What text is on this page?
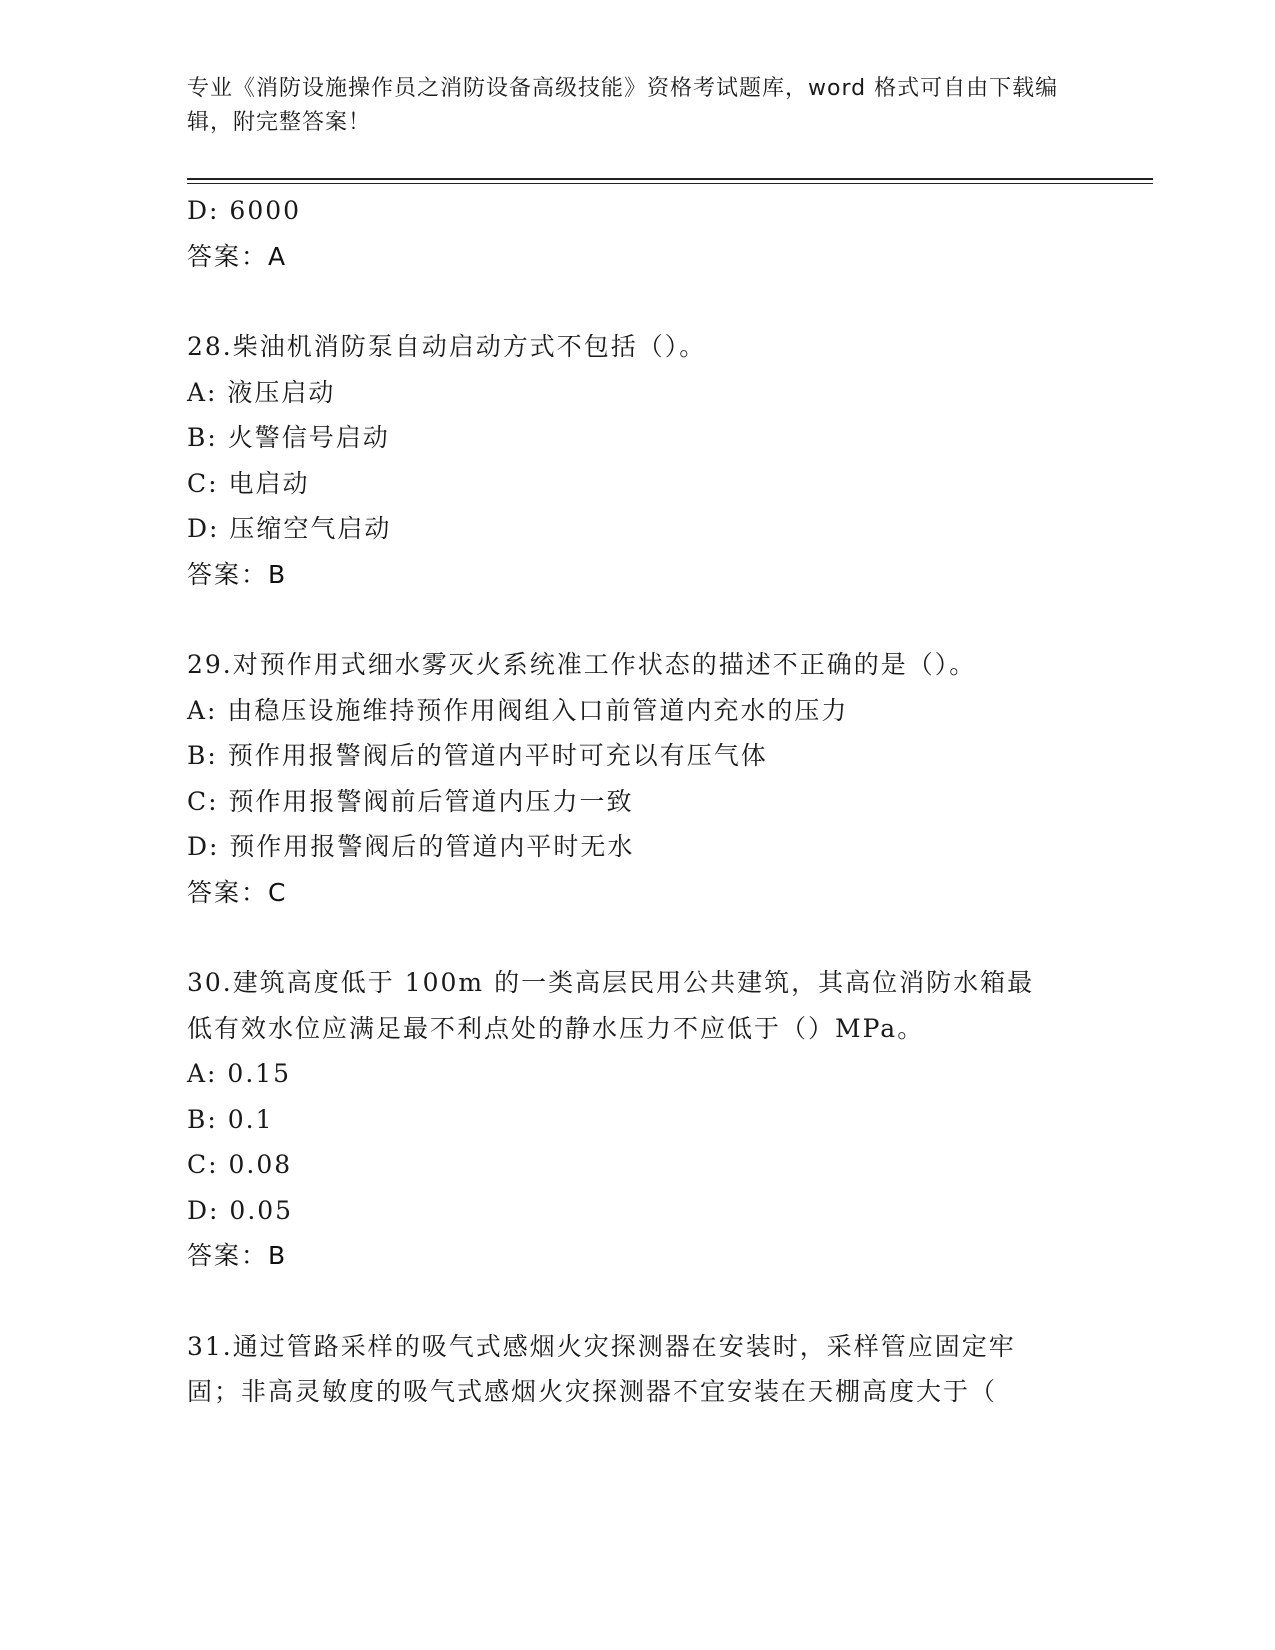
专业《消防设施操作员之消防设备高级技能》资格考试题库，word 格式可自由下载编辑，附完整答案！
D: 6000
答案：A
28.柴油机消防泵自动启动方式不包括（）。
A: 液压启动
B: 火警信号启动
C: 电启动
D: 压缩空气启动
答案：B
29.对预作用式细水雾灭火系统准工作状态的描述不正确的是（）。
A: 由稳压设施维持预作用阀组入口前管道内充水的压力
B: 预作用报警阀后的管道内平时可充以有压气体
C: 预作用报警阀前后管道内压力一致
D: 预作用报警阀后的管道内平时无水
答案：C
30.建筑高度低于 100m 的一类高层民用公共建筑，其高位消防水箱最
低有效水位应满足最不利点处的静水压力不应低于（）MPa。
A: 0.15
B: 0.1
C: 0.08
D: 0.05
答案：B
31.通过管路采样的吸气式感烟火灾探测器在安装时，采样管应固定牢
固；非高灵敏度的吸气式感烟火灾探测器不宜安装在天棚高度大于（
